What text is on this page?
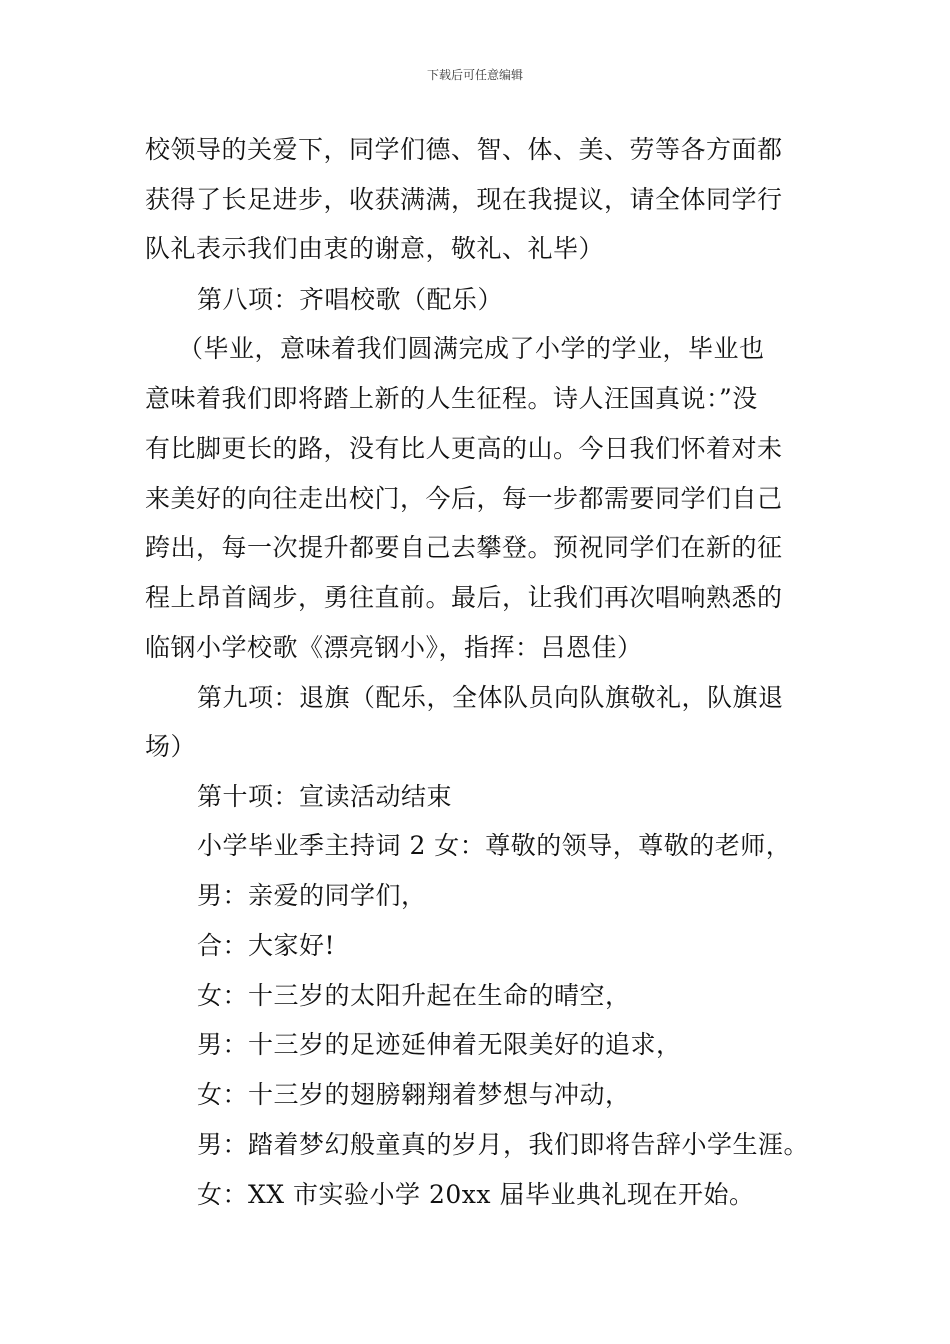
下载后可任意编辑
校领导的关爱下，同学们德、智、体、美、劳等各方面都
获得了长足进步，收获满满，现在我提议，请全体同学行
队礼表示我们由衷的谢意，敬礼、礼毕）
第八项：齐唱校歌（配乐）
（毕业，意味着我们圆满完成了小学的学业，毕业也
意味着我们即将踏上新的人生征程。诗人汪国真说：”没
有比脚更长的路，没有比人更高的山。今日我们怀着对未
来美好的向往走出校门，今后，每一步都需要同学们自己
跨出，每一次提升都要自己去攀登。预祝同学们在新的征
程上昂首阔步，勇往直前。最后，让我们再次唱响熟悉的
临钢小学校歌《漂亮钢小》，指挥：吕恩佳）
第九项：退旗（配乐，全体队员向队旗敬礼，队旗退
场）
第十项：宣读活动结束
小学毕业季主持词 2 女：尊敬的领导，尊敬的老师，
男：亲爱的同学们，
合：大家好!
女：十三岁的太阳升起在生命的晴空，
男：十三岁的足迹延伸着无限美好的追求，
女：十三岁的翅膀翱翔着梦想与冲动，
男：踏着梦幻般童真的岁月，我们即将告辞小学生涯。
女：XX 市实验小学 20xx 届毕业典礼现在开始。
